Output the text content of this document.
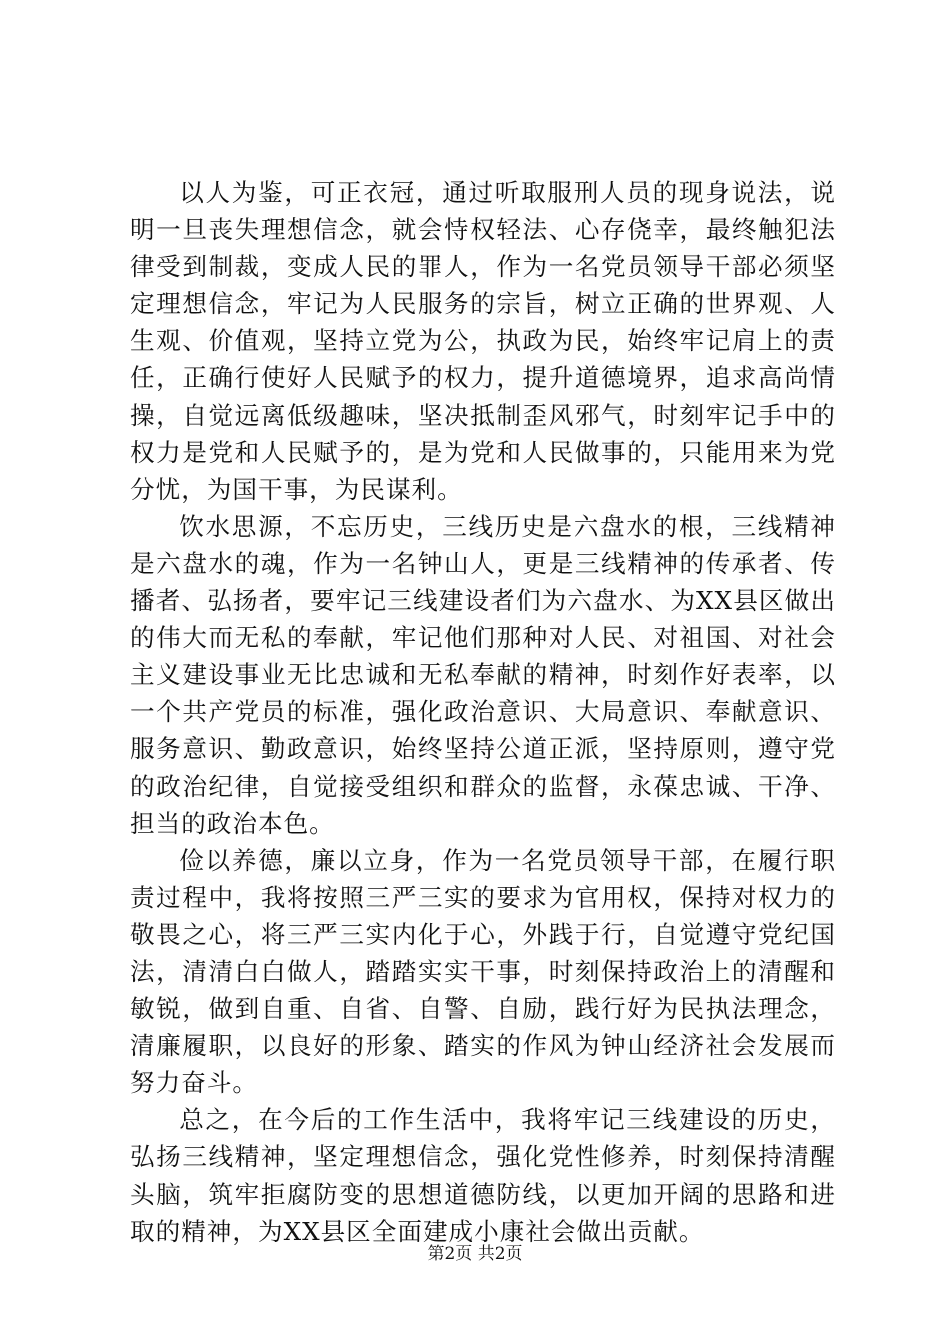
以人为鉴，可正衣冠，通过听取服刑人员的现身说法，说明一旦丧失理想信念，就会恃权轻法、心存侥幸，最终触犯法律受到制裁，变成人民的罪人，作为一名党员领导干部必须坚定理想信念，牢记为人民服务的宗旨，树立正确的世界观、人生观、价值观，坚持立党为公，执政为民，始终牢记肩上的责任，正确行使好人民赋予的权力，提升道德境界，追求高尚情操，自觉远离低级趣味，坚决抵制歪风邪气，时刻牢记手中的权力是党和人民赋予的，是为党和人民做事的，只能用来为党分忧，为国干事，为民谋利。

饮水思源，不忘历史，三线历史是六盘水的根，三线精神是六盘水的魂，作为一名钟山人，更是三线精神的传承者、传播者、弘扬者，要牢记三线建设者们为六盘水、为XX县区做出的伟大而无私的奉献，牢记他们那种对人民、对祖国、对社会主义建设事业无比忠诚和无私奉献的精神，时刻作好表率，以一个共产党员的标准，强化政治意识、大局意识、奉献意识、服务意识、勤政意识，始终坚持公道正派，坚持原则，遵守党的政治纪律，自觉接受组织和群众的监督，永葆忠诚、干净、担当的政治本色。

俭以养德，廉以立身，作为一名党员领导干部，在履行职责过程中，我将按照三严三实的要求为官用权，保持对权力的敬畏之心，将三严三实内化于心，外践于行，自觉遵守党纪国法，清清白白做人，踏踏实实干事，时刻保持政治上的清醒和敏锐，做到自重、自省、自警、自励，践行好为民执法理念，清廉履职，以良好的形象、踏实的作风为钟山经济社会发展而努力奋斗。

总之，在今后的工作生活中，我将牢记三线建设的历史，弘扬三线精神，坚定理想信念，强化党性修养，时刻保持清醒头脑，筑牢拒腐防变的思想道德防线，以更加开阔的思路和进取的精神，为XX县区全面建成小康社会做出贡献。

第2页 共2页
